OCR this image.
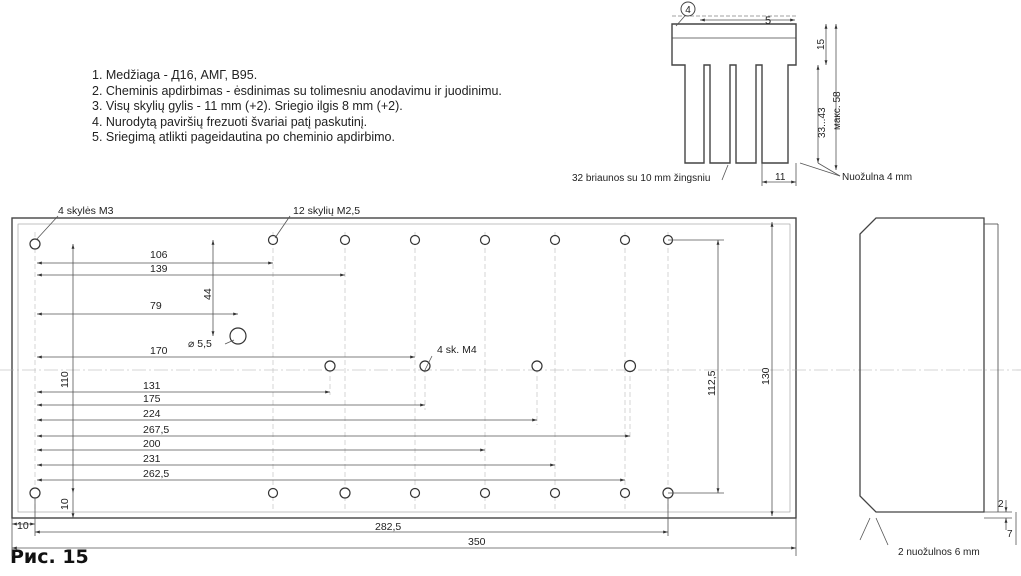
1. Medžiaga - Д16, АМГ, В95.
2. Cheminis apdirbimas - ėsdinimas su tolimesniu anodavimu ir juodinimu.
3. Visų skylių gylis - 11 mm (+2). Sriegio ilgis 8 mm (+2).
4. Nurodytą paviršių frezuoti švariai patį paskutinį.
5. Sriegimą atlikti pageidautina po cheminio apdirbimo.
Рис. 15
4
5
15
33...43 макс. 58
11
32 briaunos su 10 mm žingsniu	Nuožulna 4 mm
4 skylės M3	12 skylių M2,5
4 sk. M4
⌀ 5,5
106
139
79
170
131
175
224
267,5
200
231
262,5
44
110
10
112,5	130
10	282,5
350
2
7
2 nuožulnos 6 mm
